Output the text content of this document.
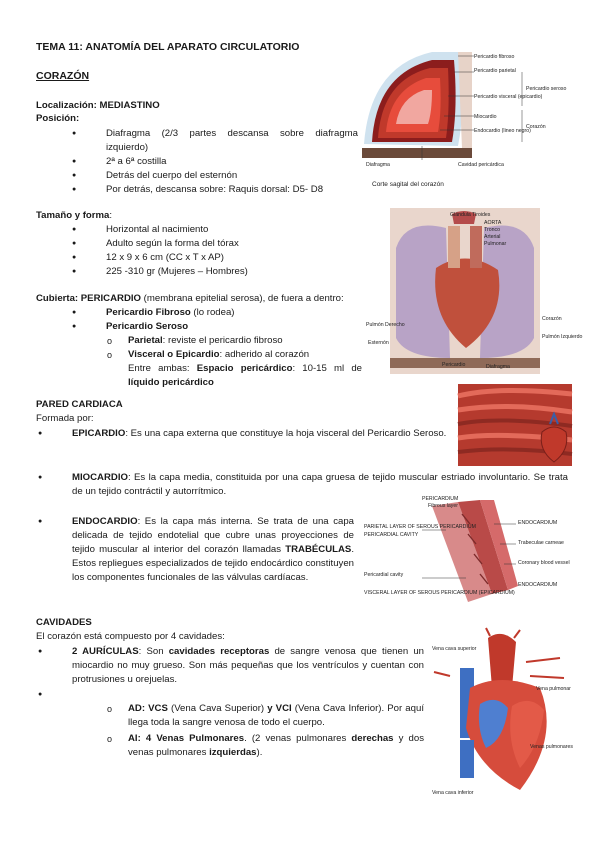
TEMA 11: ANATOMÍA DEL APARATO CIRCULATORIO
CORAZÓN
Localización: MEDIASTINO
Posición:
● Diafragma (2/3 partes descansa sobre diafragma izquierdo)
● 2ª a 6ª costilla
● Detrás del cuerpo del esternón
● Por detrás, descansa sobre: Raquis dorsal: D5- D8
Tamaño y forma:
● Horizontal al nacimiento
● Adulto según la forma del tórax
● 12 x 9 x 6 cm (CC x T x AP)
● 225 -310 gr (Mujeres – Hombres)
Cubierta: PERICARDIO (membrana epitelial serosa), de fuera a dentro:
● Pericardio Fibroso (lo rodea)
● Pericardio Seroso
o Parietal: reviste el pericardio fibroso
o Visceral o Epicardio: adherido al corazón
Entre ambas: Espacio pericárdico: 10-15 ml de líquido pericárdico
PARED CARDIACA
Formada por:
● EPICARDIO: Es una capa externa que constituye la hoja visceral del Pericardio Seroso.
● MIOCARDIO: Es la capa media, constituida por una capa gruesa de tejido muscular estriado involuntario. Se trata de un tejido contráctil y autorrítmico.
● ENDOCARDIO: Es la capa más interna. Se trata de una capa delicada de tejido endotelial que cubre unas proyecciones de tejido muscular al interior del corazón llamadas TRABÉCULAS. Estos repliegues especializados de tejido endocárdico constituyen los componentes funcionales de las válvulas cardíacas.
CAVIDADES
El corazón está compuesto por 4 cavidades:
● 2 AURÍCULAS: Son cavidades receptoras de sangre venosa que tienen un miocardio no muy grueso. Son más pequeñas que los ventrículos y cuentan con protrusiones u orejuelas.
●
o AD: VCS (Vena Cava Superior) y VCI (Vena Cava Inferior). Por aquí llega toda la sangre venosa de todo el cuerpo.
o AI: 4 Venas Pulmonares. (2 venas pulmonares derechas y dos venas pulmonares izquierdas).
Pericardio fibroso
Pericardio parietal
Pericardio visceral (epicardio)
Miocardio
Endocardio (lineo negro)
Pericardio seroso
Corazón
Diafragma	Cavidad pericárdica
Corte sagital del corazón
Glándula Tiroides
AORTA
Tronco
Arterial
Pulmonar
Corazón
Pulmón Derecho
Esternón
Pericardio	Diafragma
Pulmón Izquierdo
PERICARDIUM
Fibrous layer
PARIETAL LAYER OF SEROUS PERICARDIUM
PERICARDIAL CAVITY
ENDOCARDIUM
Trabeculae carneae
Coronary blood vessel
Pericardial cavity
VISCERAL LAYER OF SEROUS PERICARDIUM (EPICARDIUM)
ENDOCARDIUM
Vena cava superior
Vena pulmonar
Vena cava inferior
Venas pulmonares
